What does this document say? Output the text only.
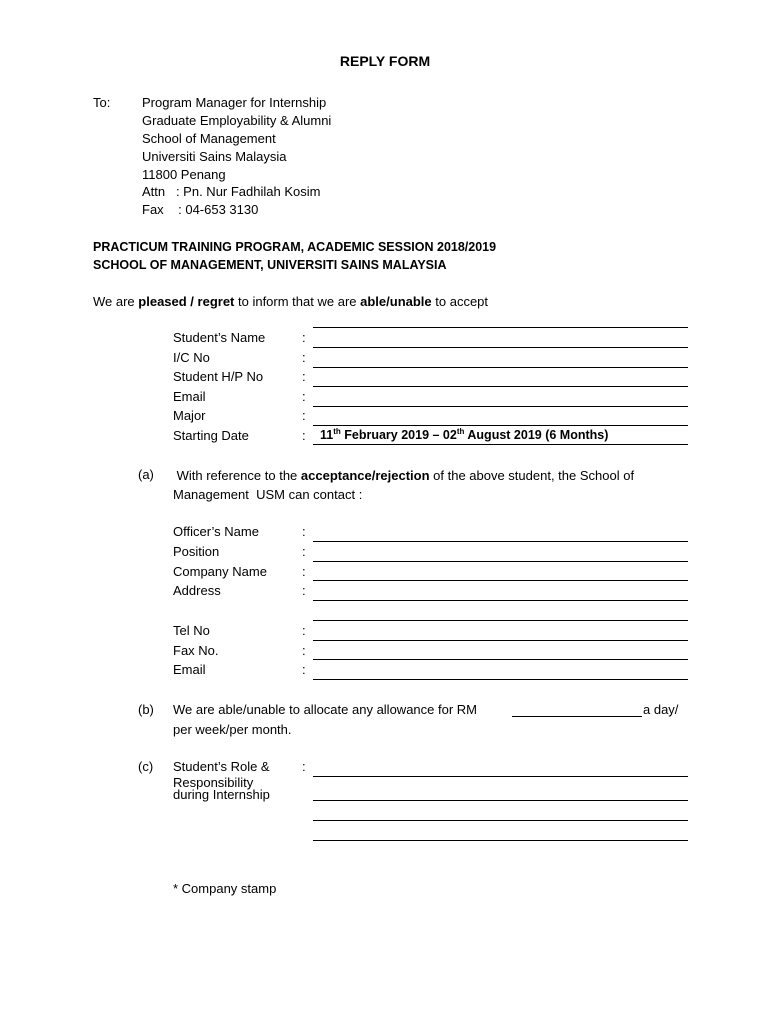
REPLY FORM
To: Program Manager for Internship
Graduate Employability & Alumni
School of Management
Universiti Sains Malaysia
11800 Penang
Attn   : Pn. Nur Fadhilah Kosim
Fax    : 04-653 3130
PRACTICUM TRAINING PROGRAM, ACADEMIC SESSION 2018/2019
SCHOOL OF MANAGEMENT, UNIVERSITI SAINS MALAYSIA
We are pleased / regret to inform that we are able/unable to accept
Student’s Name	:
I/C No	:
Student H/P No	:
Email	:
Major	:
Starting Date	: 11th February 2019 – 02th August 2019 (6 Months)
(a) With reference to the acceptance/rejection of the above student, the School of
Management  USM can contact :
Officer’s Name	:
Position	:
Company Name	:
Address	:
Tel No	:
Fax No.	:
Email	:
(b) We are able/unable to allocate any allowance for RM	a day/
per week/per month.
(c) Student’s Role &
Responsibility
during Internship
:
* Company stamp
